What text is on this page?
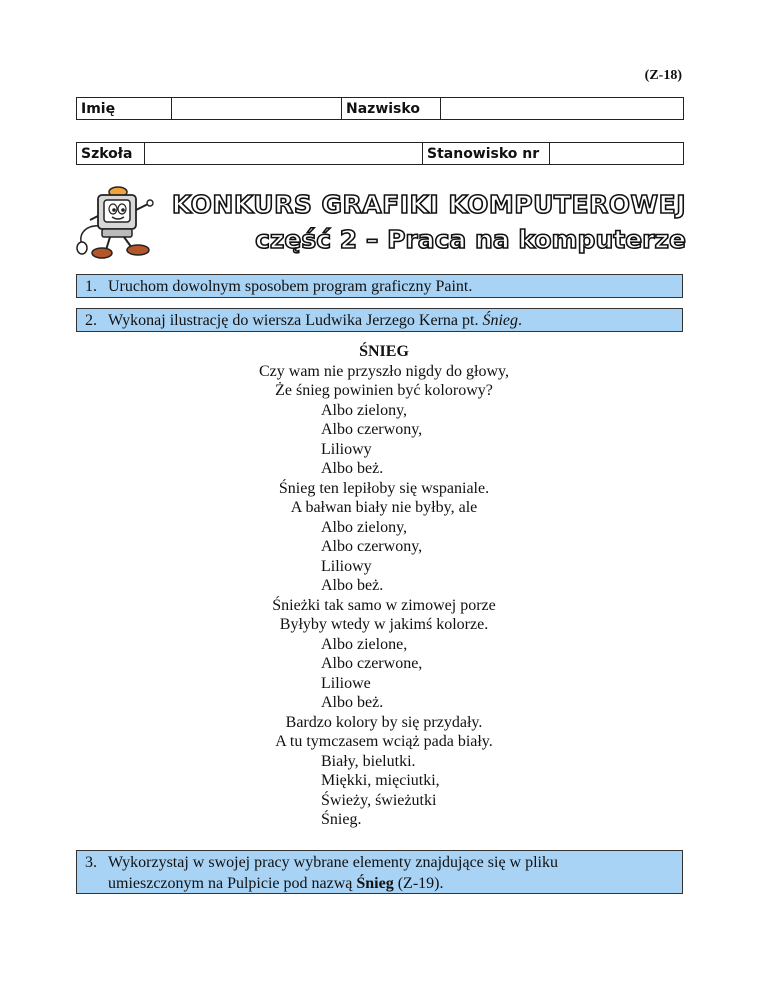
(Z-18)
Imię		Nazwisko	
Szkoła		Stanowisko nr	
KONKURS GRAFIKI KOMPUTEROWEJ
część 2 – Praca na komputerze
1. Uruchom dowolnym sposobem program graficzny Paint.
2. Wykonaj ilustrację do wiersza Ludwika Jerzego Kerna pt. Śnieg.
ŚNIEG
Czy wam nie przyszło nigdy do głowy,
Że śnieg powinien być kolorowy?
Albo zielony,
Albo czerwony,
Liliowy
Albo beż.
Śnieg ten lepiłoby się wspaniale.
A bałwan biały nie byłby, ale
Albo zielony,
Albo czerwony,
Liliowy
Albo beż.
Śnieżki tak samo w zimowej porze
Byłyby wtedy w jakimś kolorze.
Albo zielone,
Albo czerwone,
Liliowe
Albo beż.
Bardzo kolory by się przydały.
A tu tymczasem wciąż pada biały.
Biały, bielutki.
Miękki, mięciutki,
Świeży, świeżutki
Śnieg.
3. Wykorzystaj w swojej pracy wybrane elementy znajdujące się w pliku
umieszczonym na Pulpicie pod nazwą Śnieg (Z-19).
